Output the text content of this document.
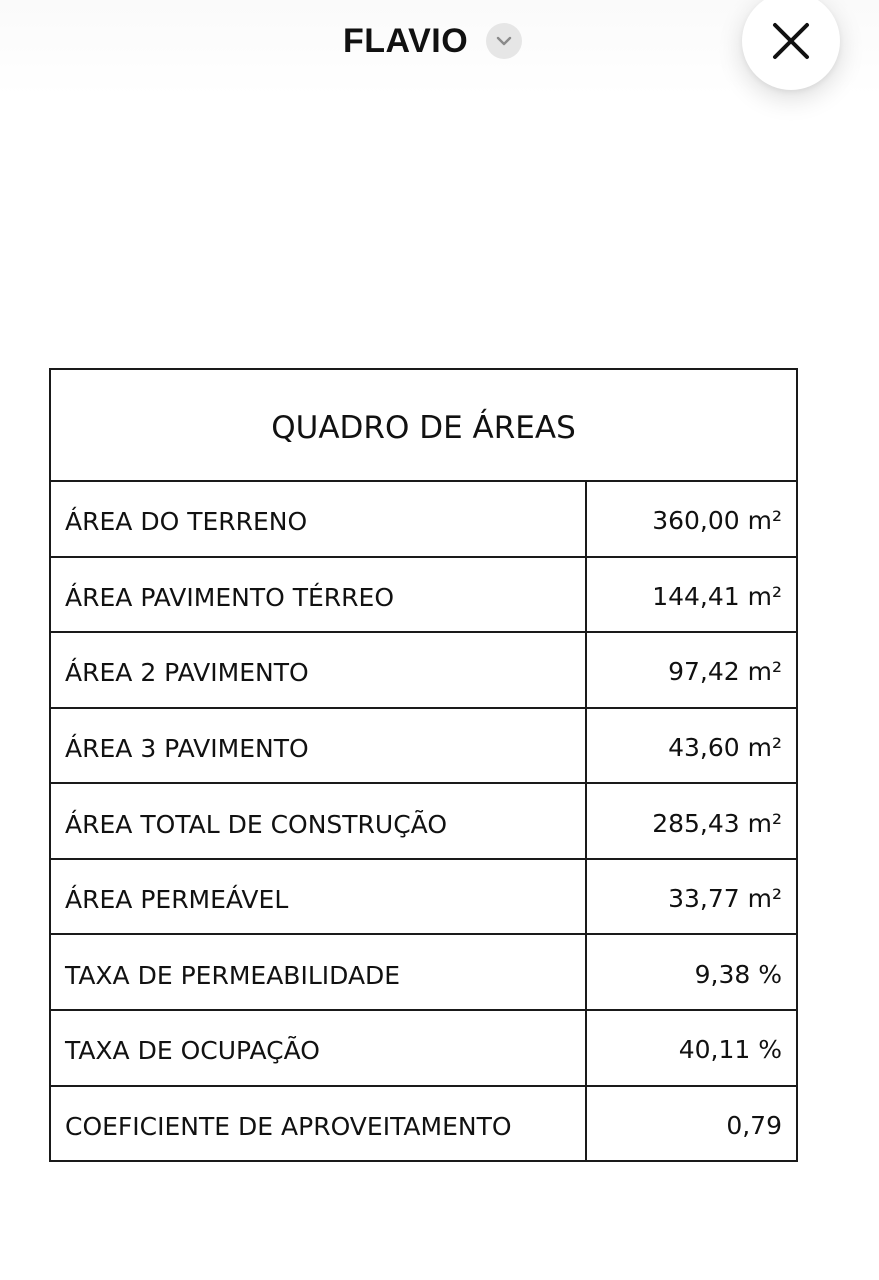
FLAVIO
QUADRO DE ÁREAS
ÁREA DO TERRENO	360,00 m²
ÁREA PAVIMENTO TÉRREO	144,41 m²
ÁREA 2 PAVIMENTO	97,42 m²
ÁREA 3 PAVIMENTO	43,60 m²
ÁREA TOTAL DE CONSTRUÇÃO	285,43 m²
ÁREA PERMEÁVEL	33,77 m²
TAXA DE PERMEABILIDADE	9,38 %
TAXA DE OCUPAÇÃO	40,11 %
COEFICIENTE DE APROVEITAMENTO	0,79
